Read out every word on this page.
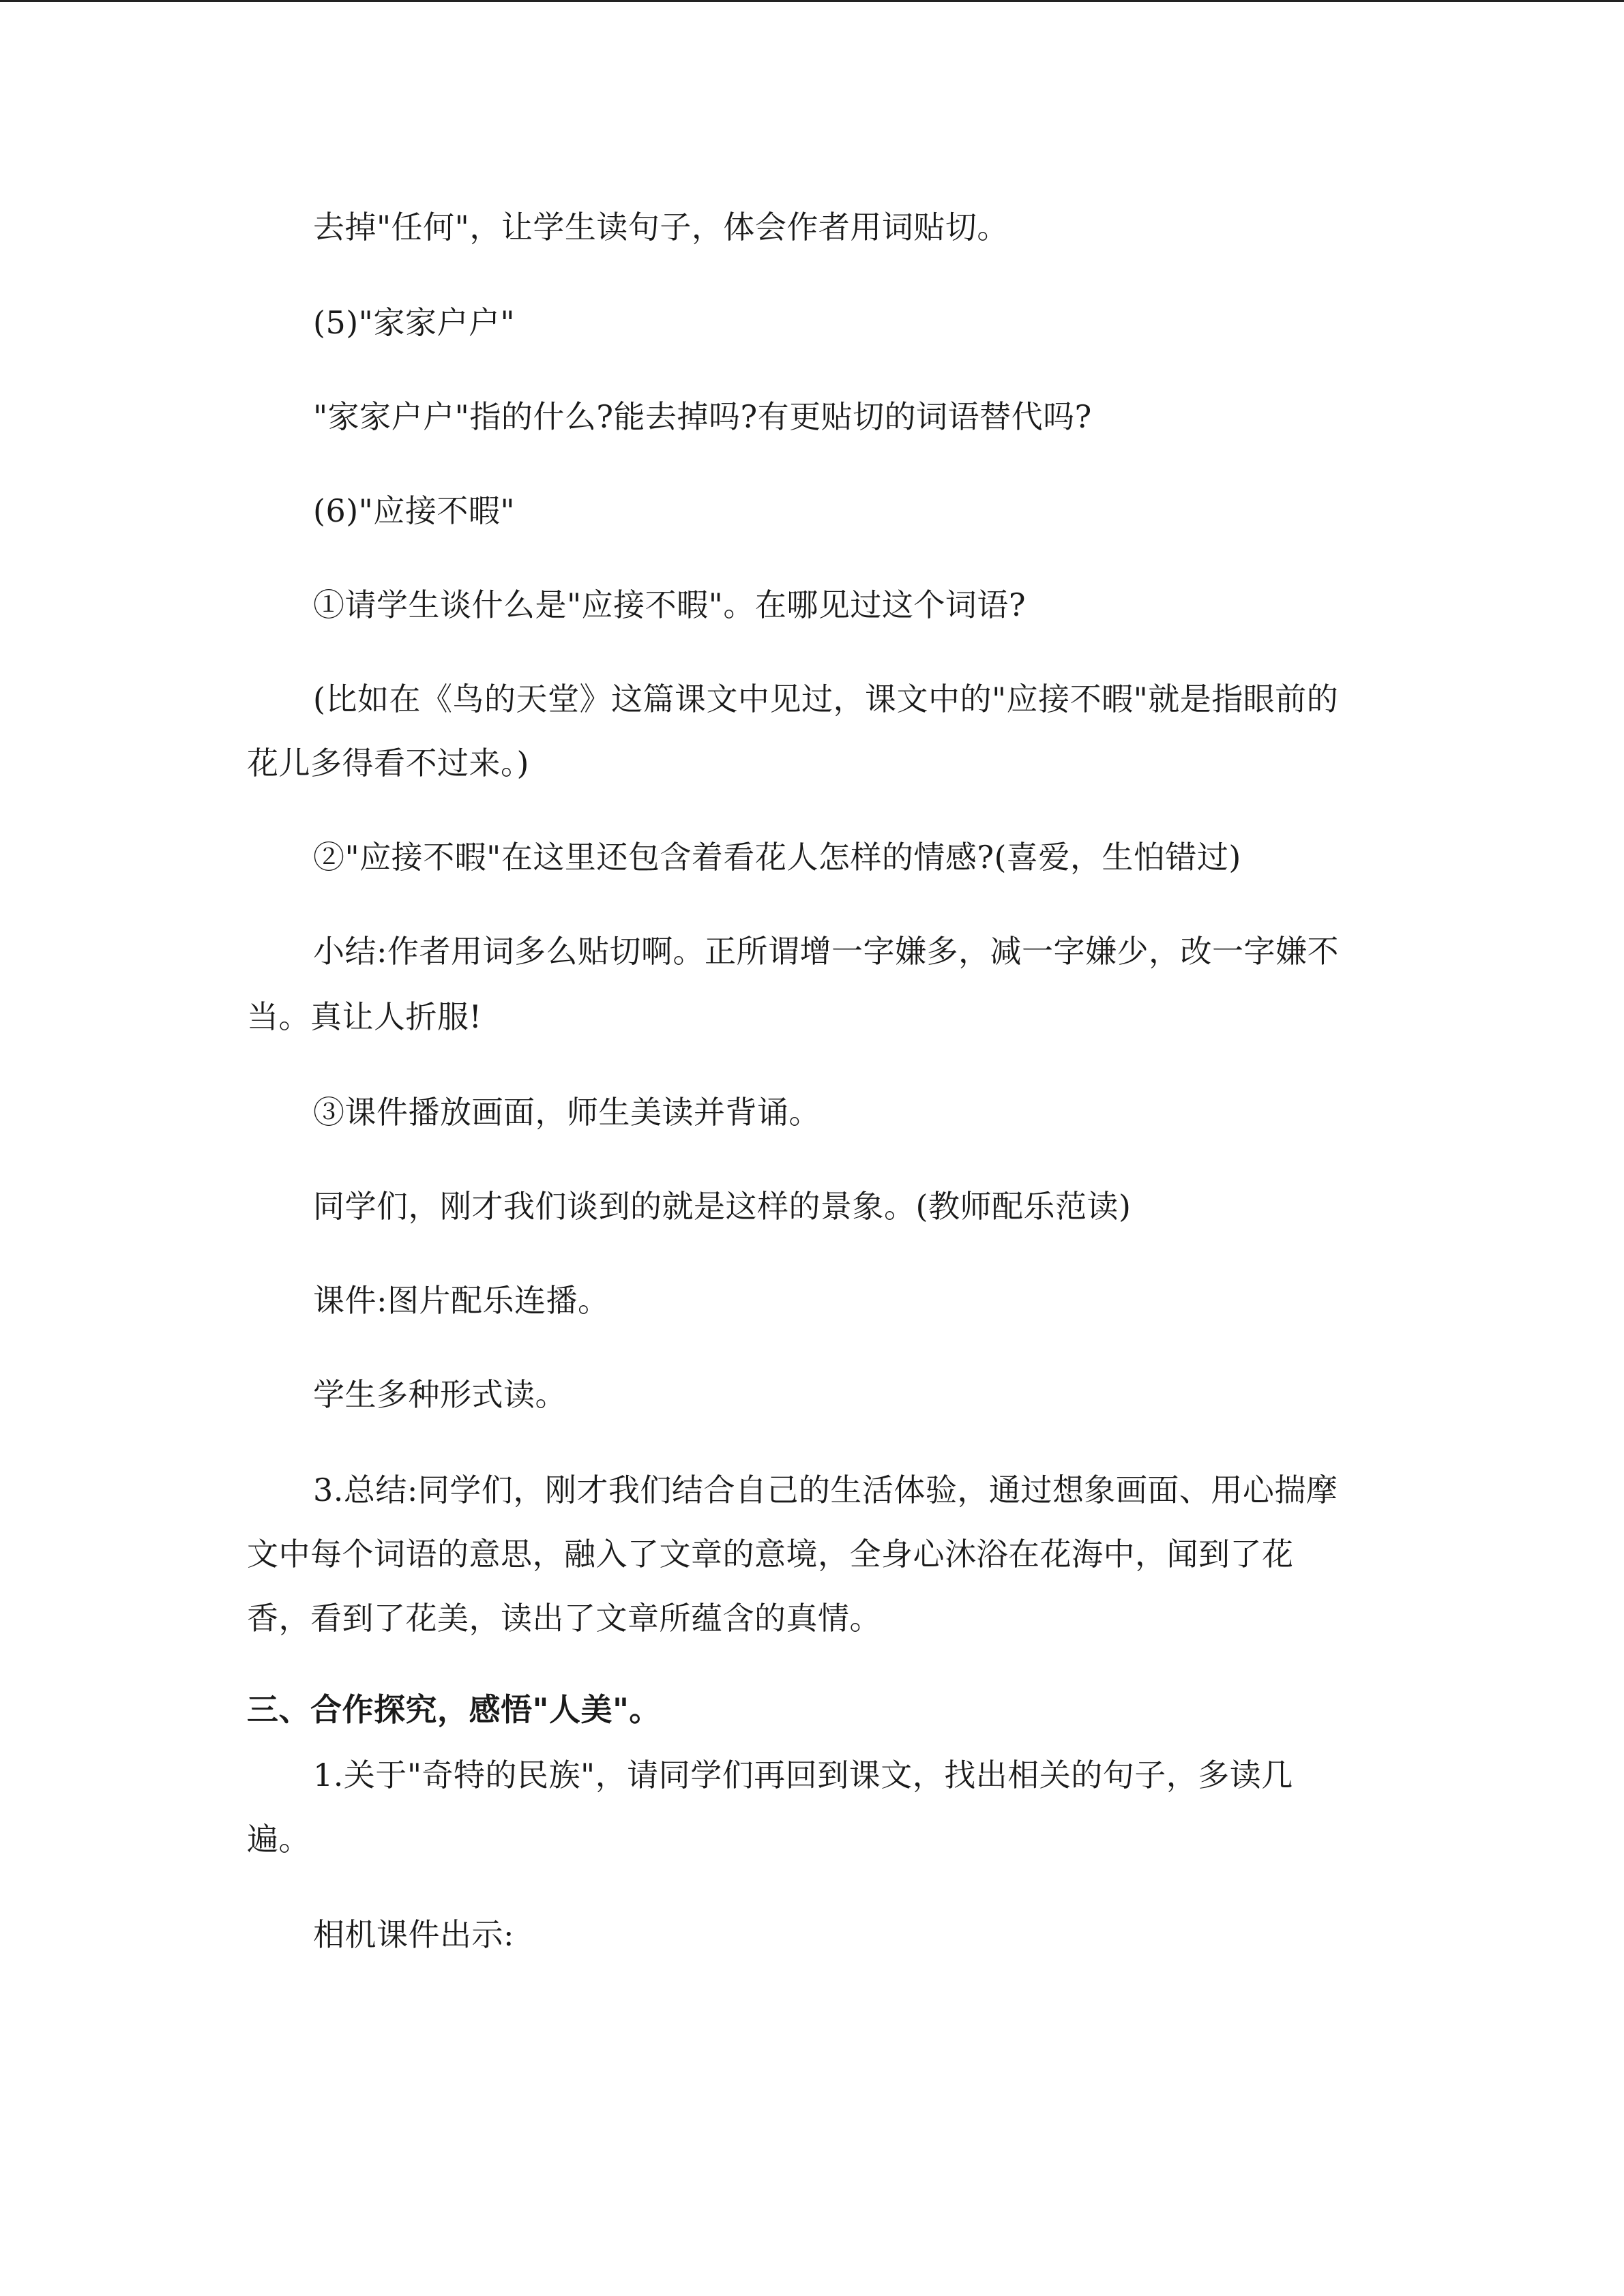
去掉"任何"，让学生读句子，体会作者用词贴切。
(5)"家家户户"
"家家户户"指的什么?能去掉吗?有更贴切的词语替代吗?
(6)"应接不暇"
①请学生谈什么是"应接不暇"。在哪见过这个词语?
(比如在《鸟的天堂》这篇课文中见过，课文中的"应接不暇"就是指眼前的
花儿多得看不过来。)
②"应接不暇"在这里还包含着看花人怎样的情感?(喜爱，生怕错过)
小结:作者用词多么贴切啊。正所谓增一字嫌多，减一字嫌少，改一字嫌不
当。真让人折服!
③课件播放画面，师生美读并背诵。
同学们，刚才我们谈到的就是这样的景象。(教师配乐范读)
课件:图片配乐连播。
学生多种形式读。
3.总结:同学们，刚才我们结合自己的生活体验，通过想象画面、用心揣摩
文中每个词语的意思，融入了文章的意境，全身心沐浴在花海中，闻到了花
香，看到了花美，读出了文章所蕴含的真情。
三、合作探究，感悟"人美"。
1.关于"奇特的民族"，请同学们再回到课文，找出相关的句子，多读几
遍。
相机课件出示:
